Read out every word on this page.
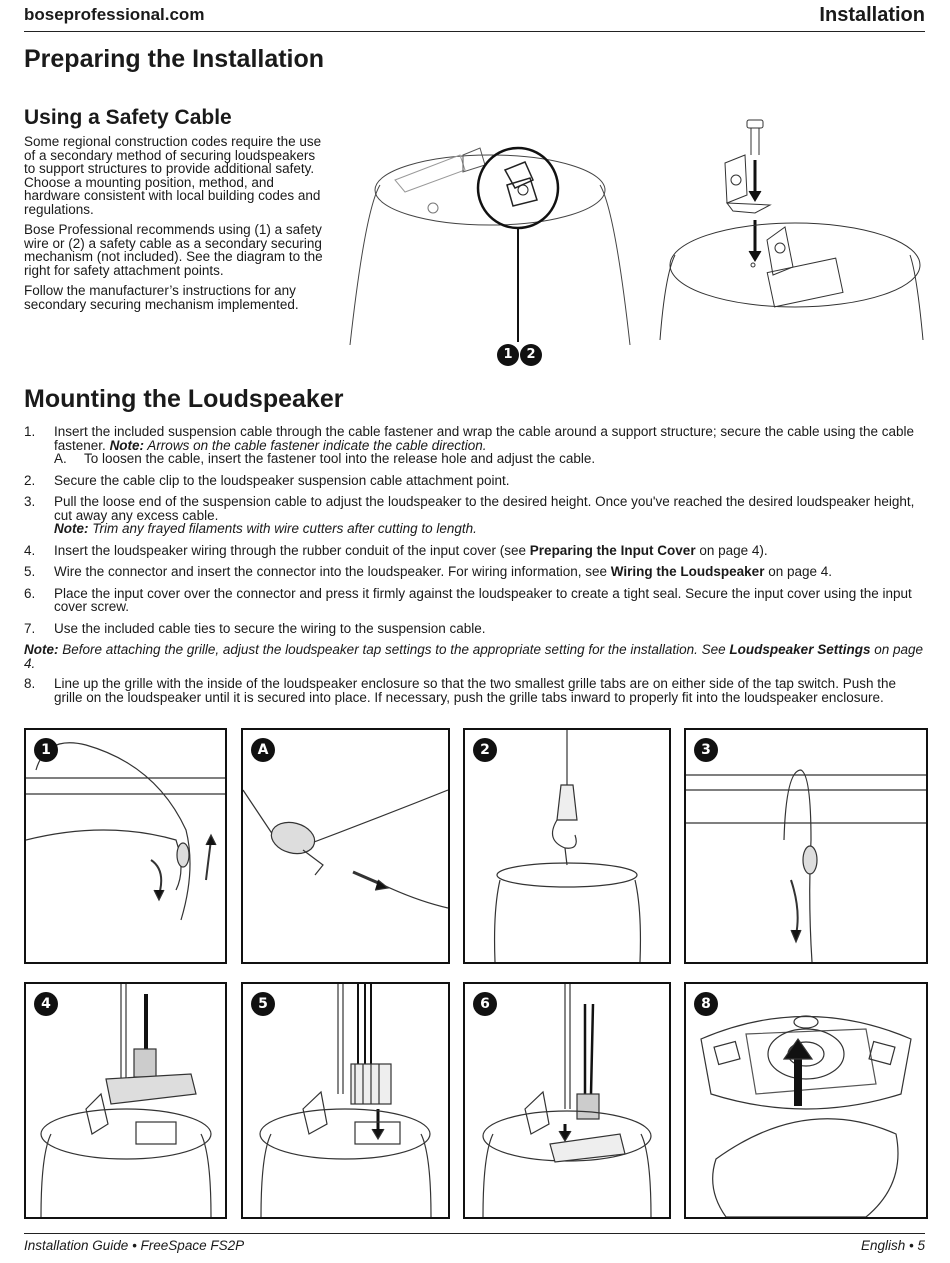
boseprofessional.com	Installation
Preparing the Installation
Using a Safety Cable

Some regional construction codes require the use of a secondary method of securing loudspeakers to support structures to provide additional safety. Choose a mounting position, method, and hardware consistent with local building codes and regulations.

Bose Professional recommends using (1) a safety wire or (2) a safety cable as a secondary securing mechanism (not included). See the diagram to the right for safety attachment points.

Follow the manufacturer’s instructions for any secondary securing mechanism implemented.

1	2
Mounting the Loudspeaker
1.	Insert the included suspension cable through the cable fastener and wrap the cable around a support structure; secure the cable using the cable fastener. Note: Arrows on the cable fastener indicate the cable direction.
A.	To loosen the cable, insert the fastener tool into the release hole and adjust the cable.
2.	Secure the cable clip to the loudspeaker suspension cable attachment point.
3.	Pull the loose end of the suspension cable to adjust the loudspeaker to the desired height. Once you've reached the desired loudspeaker height, cut away any excess cable.
Note: Trim any frayed filaments with wire cutters after cutting to length.
4.	Insert the loudspeaker wiring through the rubber conduit of the input cover (see Preparing the Input Cover on page 4).
5.	Wire the connector and insert the connector into the loudspeaker. For wiring information, see Wiring the Loudspeaker on page 4.
6.	Place the input cover over the connector and press it firmly against the loudspeaker to create a tight seal. Secure the input cover using the input cover screw.
7.	Use the included cable ties to secure the wiring to the suspension cable.
Note: Before attaching the grille, adjust the loudspeaker tap settings to the appropriate setting for the installation. See Loudspeaker Settings on page 4.
8.	Line up the grille with the inside of the loudspeaker enclosure so that the two smallest grille tabs are on either side of the tap switch. Push the grille on the loudspeaker until it is secured into place. If necessary, push the grille tabs inward to properly fit into the loudspeaker enclosure.
1	A	2	3
4	5	6	8
Installation Guide • FreeSpace FS2P	English • 5
